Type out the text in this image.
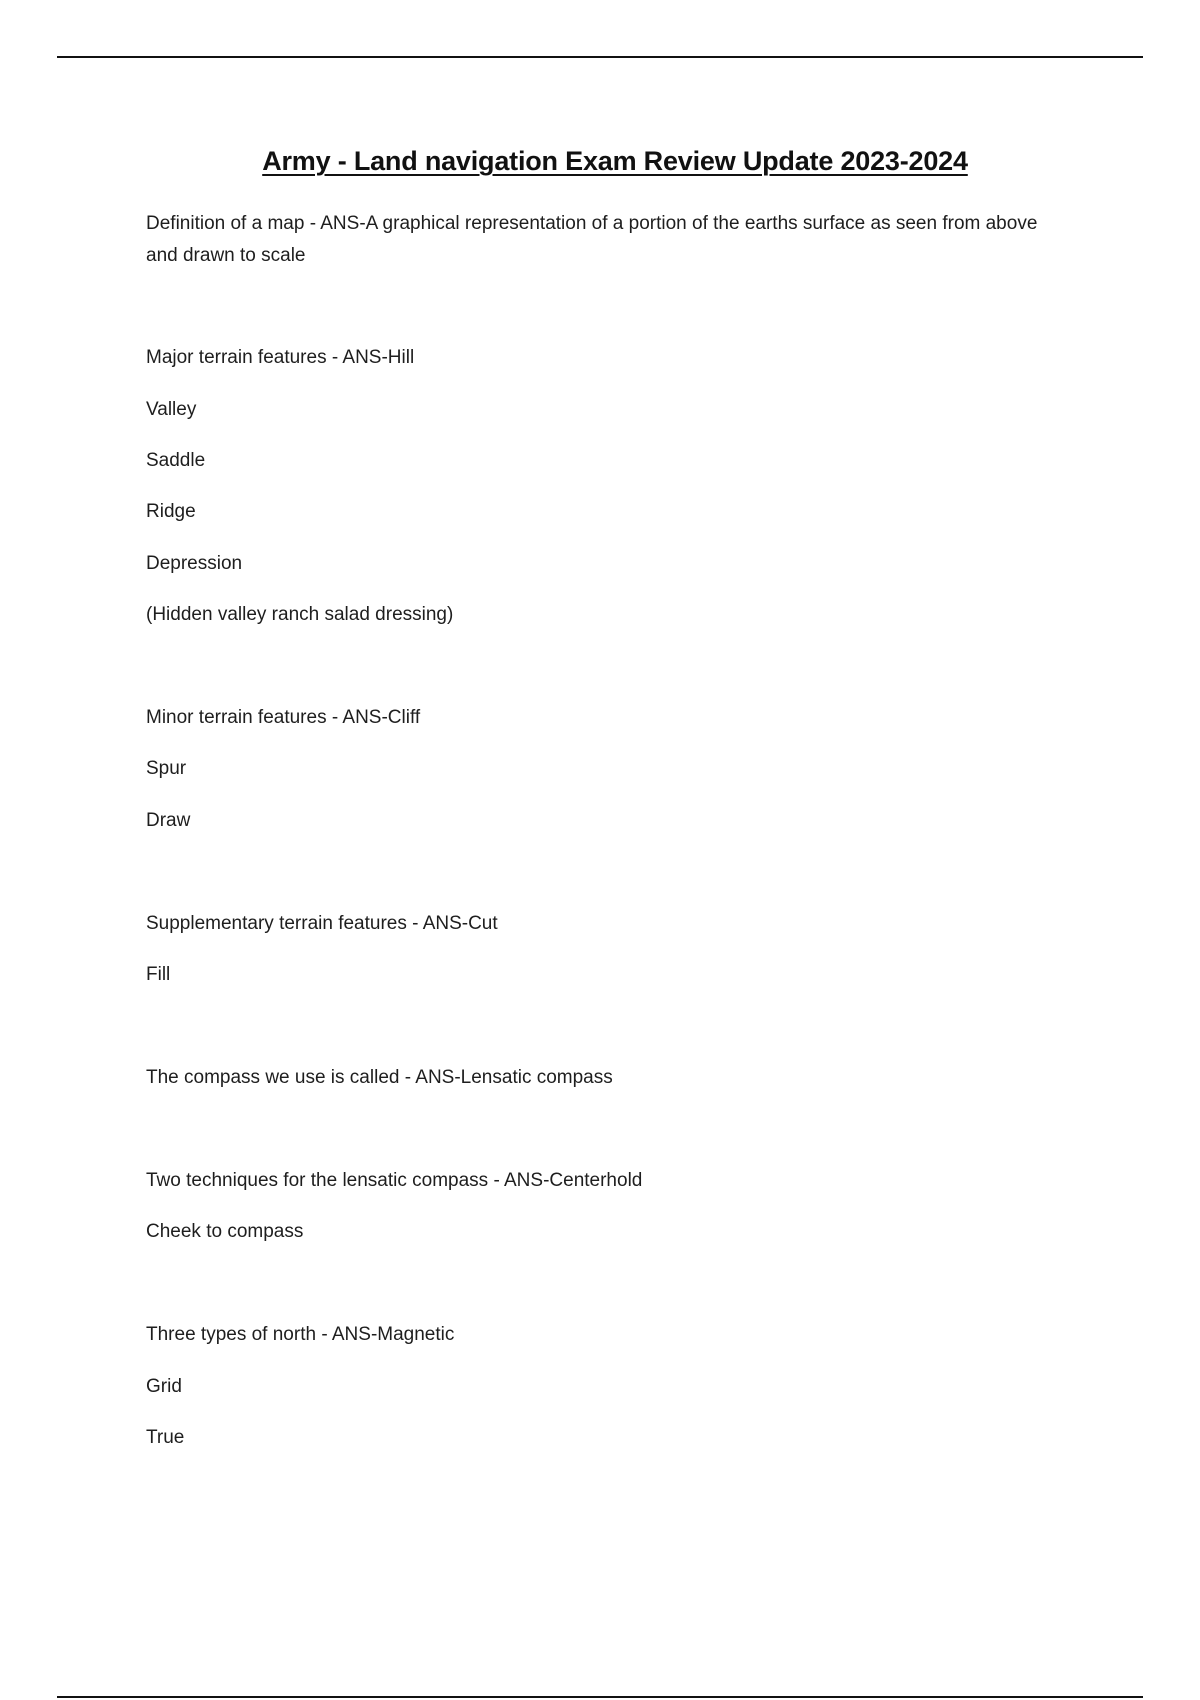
Army - Land navigation Exam Review Update 2023-2024
Definition of a map - ANS-A graphical representation of a portion of the earths surface as seen from above and drawn to scale
Major terrain features - ANS-Hill
Valley
Saddle
Ridge
Depression
(Hidden valley ranch salad dressing)
Minor terrain features - ANS-Cliff
Spur
Draw
Supplementary terrain features - ANS-Cut
Fill
The compass we use is called - ANS-Lensatic compass
Two techniques for the lensatic compass - ANS-Centerhold
Cheek to compass
Three types of north - ANS-Magnetic
Grid
True
